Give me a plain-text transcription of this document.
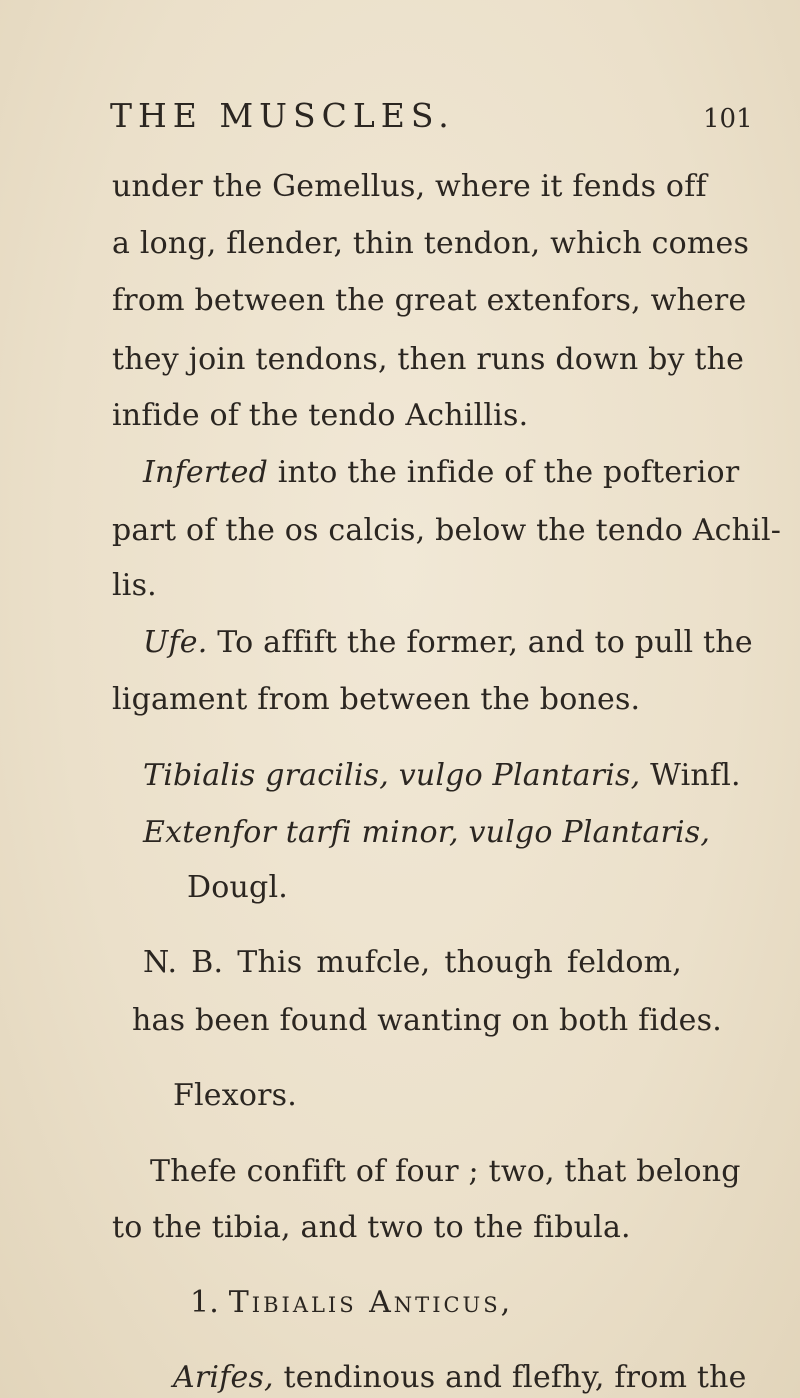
THE MUSCLES.	101
under the Gemellus, where it fends off
a long, flender, thin tendon, which comes
from between the great extenfors, where
they join tendons, then runs down by the
infide of the tendo Achillis.
Inferted into the infide of the pofterior
part of the os calcis, below the tendo Achil-
lis.
Ufe. To affift the former, and to pull the
ligament from between the bones.
Tibialis gracilis, vulgo Plantaris, Winfl.
Extenfor tarfi minor, vulgo Plantaris,
Dougl.
N. B. This mufcle, though feldom,
has been found wanting on both fides.
Flexors.
Thefe confift of four ; two, that belong
to the tibia, and two to the fibula.
1. Tibialis Anticus,
Arifes, tendinous and flefhy, from the
